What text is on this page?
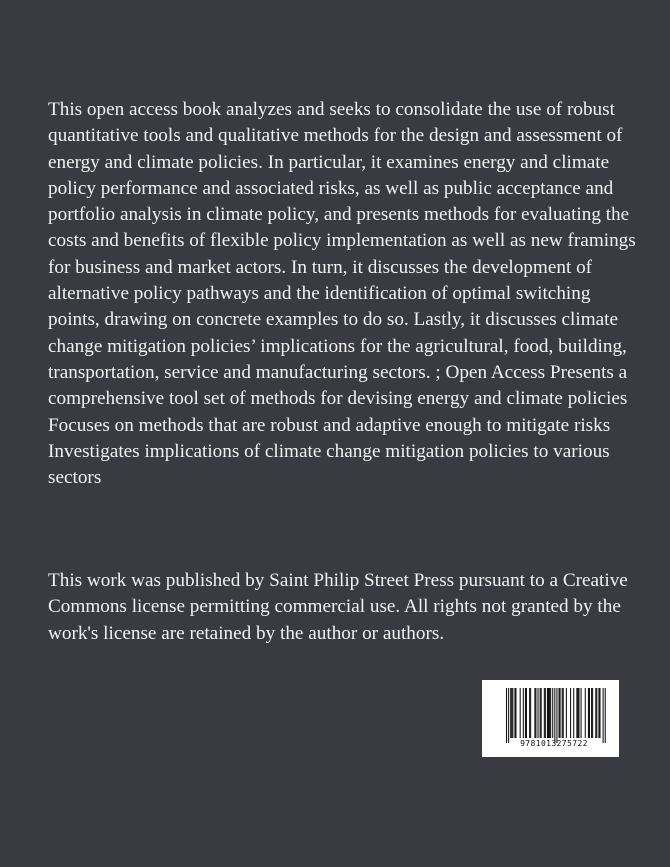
This open access book analyzes and seeks to consolidate the use of robust quantitative tools and qualitative methods for the design and assessment of energy and climate policies. In particular, it examines energy and climate policy performance and associated risks, as well as public acceptance and portfolio analysis in climate policy, and presents methods for evaluating the costs and benefits of flexible policy implementation as well as new framings for business and market actors. In turn, it discusses the development of alternative policy pathways and the identification of optimal switching points, drawing on concrete examples to do so. Lastly, it discusses climate change mitigation policies’ implications for the agricultural, food, building, transportation, service and manufacturing sectors. ; Open Access Presents a comprehensive tool set of methods for devising energy and climate policies Focuses on methods that are robust and adaptive enough to mitigate risks Investigates implications of climate change mitigation policies to various sectors

This work was published by Saint Philip Street Press pursuant to a Creative Commons license permitting commercial use. All rights not granted by the work's license are retained by the author or authors.

9781013275722
